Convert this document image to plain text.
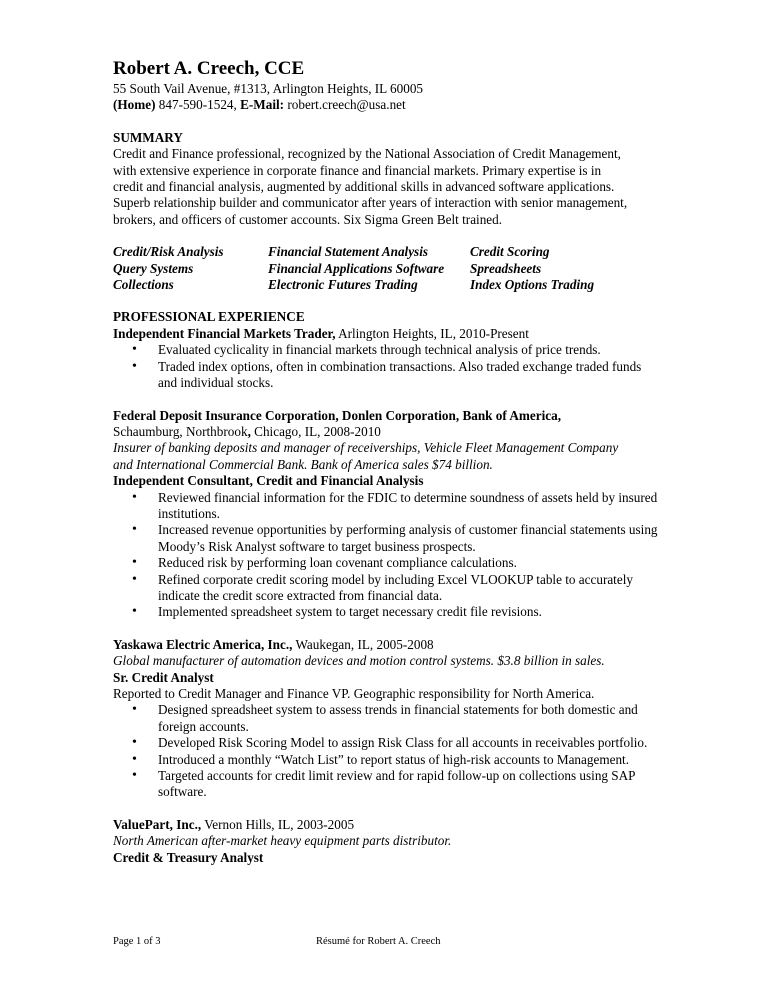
Robert A. Creech, CCE
55 South Vail Avenue, #1313, Arlington Heights, IL 60005
(Home) 847-590-1524, E-Mail: robert.creech@usa.net
SUMMARY
Credit and Finance professional, recognized by the National Association of Credit Management,
with extensive experience in corporate finance and financial markets. Primary expertise is in
credit and financial analysis, augmented by additional skills in advanced software applications.
Superb relationship builder and communicator after years of interaction with senior management,
brokers, and officers of customer accounts. Six Sigma Green Belt trained.
Credit/Risk Analysis	Financial Statement Analysis	Credit Scoring
Query Systems	Financial Applications Software	Spreadsheets
Collections	Electronic Futures Trading	Index Options Trading
PROFESSIONAL EXPERIENCE
Independent Financial Markets Trader, Arlington Heights, IL, 2010-Present
• Evaluated cyclicality in financial markets through technical analysis of price trends.
• Traded index options, often in combination transactions. Also traded exchange traded funds and individual stocks.
Federal Deposit Insurance Corporation, Donlen Corporation, Bank of America,
Schaumburg, Northbrook, Chicago, IL, 2008-2010
Insurer of banking deposits and manager of receiverships, Vehicle Fleet Management Company
and International Commercial Bank. Bank of America sales $74 billion.
Independent Consultant, Credit and Financial Analysis
• Reviewed financial information for the FDIC to determine soundness of assets held by insured institutions.
• Increased revenue opportunities by performing analysis of customer financial statements using Moody’s Risk Analyst software to target business prospects.
• Reduced risk by performing loan covenant compliance calculations.
• Refined corporate credit scoring model by including Excel VLOOKUP table to accurately indicate the credit score extracted from financial data.
• Implemented spreadsheet system to target necessary credit file revisions.
Yaskawa Electric America, Inc., Waukegan, IL, 2005-2008
Global manufacturer of automation devices and motion control systems. $3.8 billion in sales.
Sr. Credit Analyst
Reported to Credit Manager and Finance VP. Geographic responsibility for North America.
• Designed spreadsheet system to assess trends in financial statements for both domestic and foreign accounts.
• Developed Risk Scoring Model to assign Risk Class for all accounts in receivables portfolio.
• Introduced a monthly “Watch List” to report status of high-risk accounts to Management.
• Targeted accounts for credit limit review and for rapid follow-up on collections using SAP software.
ValuePart, Inc., Vernon Hills, IL, 2003-2005
North American after-market heavy equipment parts distributor.
Credit & Treasury Analyst
Page 1 of 3	Résumé for Robert A. Creech
